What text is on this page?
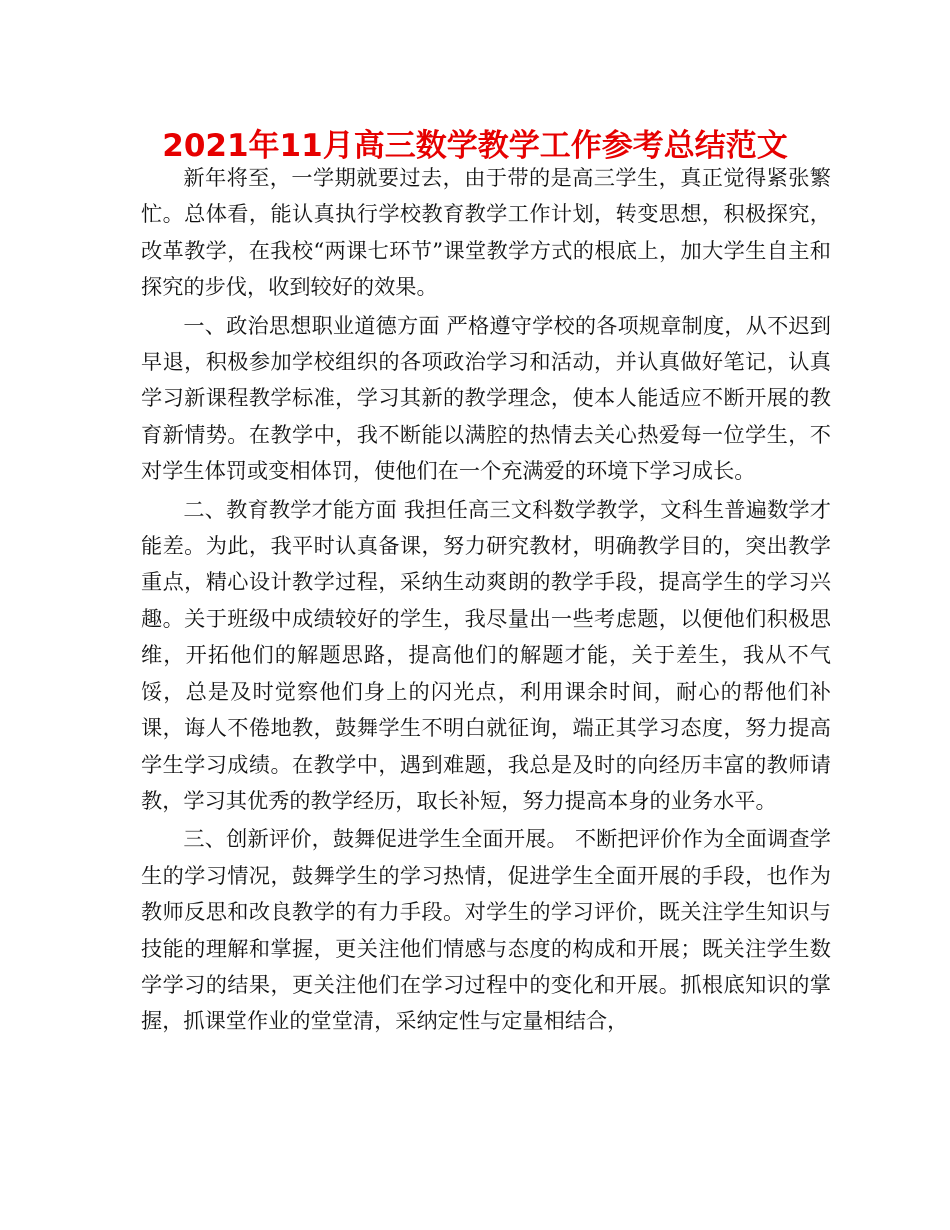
2021年11月高三数学教学工作参考总结范文

新年将至，一学期就要过去，由于带的是高三学生，真正觉得紧张繁忙。总体看，能认真执行学校教育教学工作计划，转变思想，积极探究，改革教学，在我校“两课七环节”课堂教学方式的根底上，加大学生自主和探究的步伐，收到较好的效果。

一、政治思想职业道德方面 严格遵守学校的各项规章制度，从不迟到早退，积极参加学校组织的各项政治学习和活动，并认真做好笔记，认真学习新课程教学标准，学习其新的教学理念，使本人能适应不断开展的教育新情势。在教学中，我不断能以满腔的热情去关心热爱每一位学生，不对学生体罚或变相体罚，使他们在一个充满爱的环境下学习成长。

二、教育教学才能方面 我担任高三文科数学教学，文科生普遍数学才能差。为此，我平时认真备课，努力研究教材，明确教学目的，突出教学重点，精心设计教学过程，采纳生动爽朗的教学手段，提高学生的学习兴趣。关于班级中成绩较好的学生，我尽量出一些考虑题，以便他们积极思维，开拓他们的解题思路，提高他们的解题才能，关于差生，我从不气馁，总是及时觉察他们身上的闪光点，利用课余时间，耐心的帮他们补课，诲人不倦地教，鼓舞学生不明白就征询，端正其学习态度，努力提高学生学习成绩。在教学中，遇到难题，我总是及时的向经历丰富的教师请教，学习其优秀的教学经历，取长补短，努力提高本身的业务水平。

三、创新评价，鼓舞促进学生全面开展。 不断把评价作为全面调查学生的学习情况，鼓舞学生的学习热情，促进学生全面开展的手段，也作为教师反思和改良教学的有力手段。对学生的学习评价，既关注学生知识与技能的理解和掌握，更关注他们情感与态度的构成和开展；既关注学生数学学习的结果，更关注他们在学习过程中的变化和开展。抓根底知识的掌握，抓课堂作业的堂堂清，采纳定性与定量相结合，
